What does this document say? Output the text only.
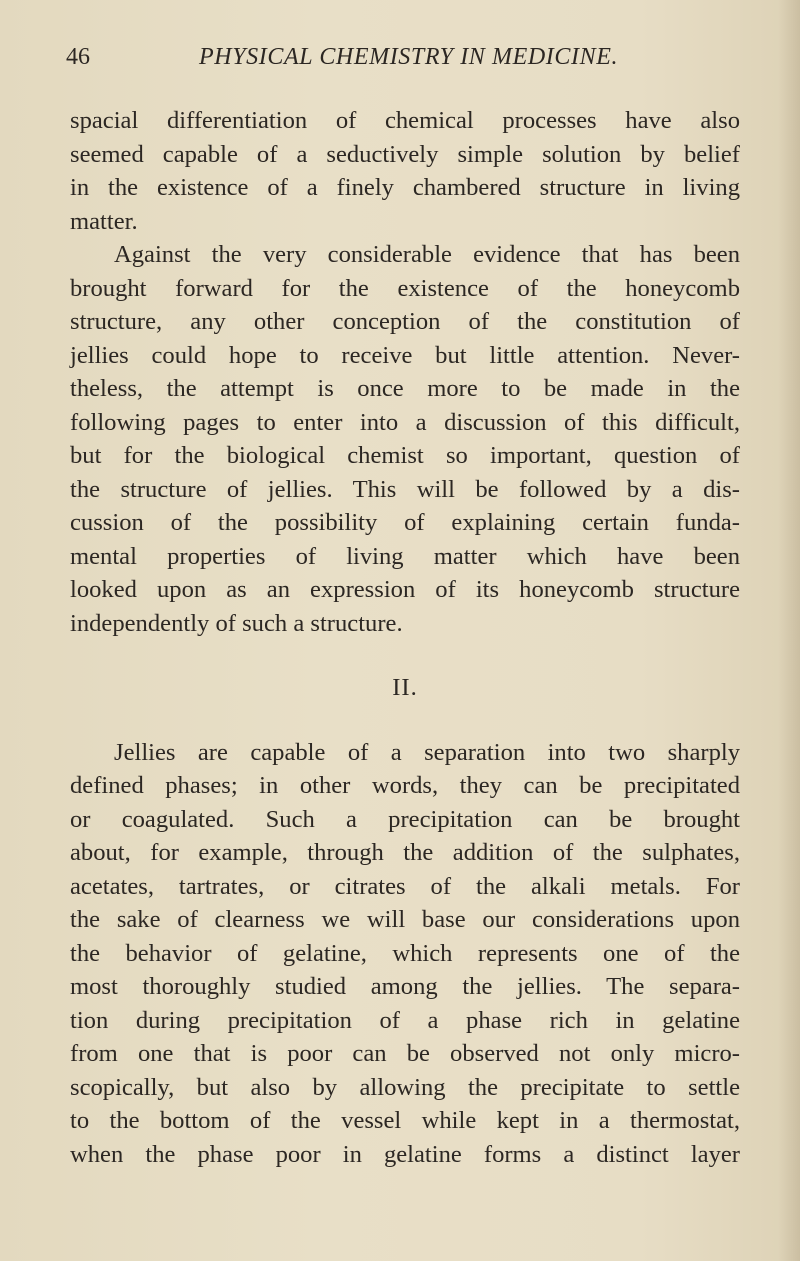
46	PHYSICAL CHEMISTRY IN MEDICINE.
spacial differentiation of chemical processes have also
seemed capable of a seductively simple solution by belief
in the existence of a finely chambered structure in living
matter.
Against the very considerable evidence that has been
brought forward for the existence of the honeycomb
structure, any other conception of the constitution of
jellies could hope to receive but little attention. Never-
theless, the attempt is once more to be made in the
following pages to enter into a discussion of this difficult,
but for the biological chemist so important, question of
the structure of jellies. This will be followed by a dis-
cussion of the possibility of explaining certain funda-
mental properties of living matter which have been
looked upon as an expression of its honeycomb structure
independently of such a structure.
II.
Jellies are capable of a separation into two sharply
defined phases; in other words, they can be precipitated
or coagulated. Such a precipitation can be brought
about, for example, through the addition of the sulphates,
acetates, tartrates, or citrates of the alkali metals. For
the sake of clearness we will base our considerations upon
the behavior of gelatine, which represents one of the
most thoroughly studied among the jellies. The separa-
tion during precipitation of a phase rich in gelatine
from one that is poor can be observed not only micro-
scopically, but also by allowing the precipitate to settle
to the bottom of the vessel while kept in a thermostat,
when the phase poor in gelatine forms a distinct layer
